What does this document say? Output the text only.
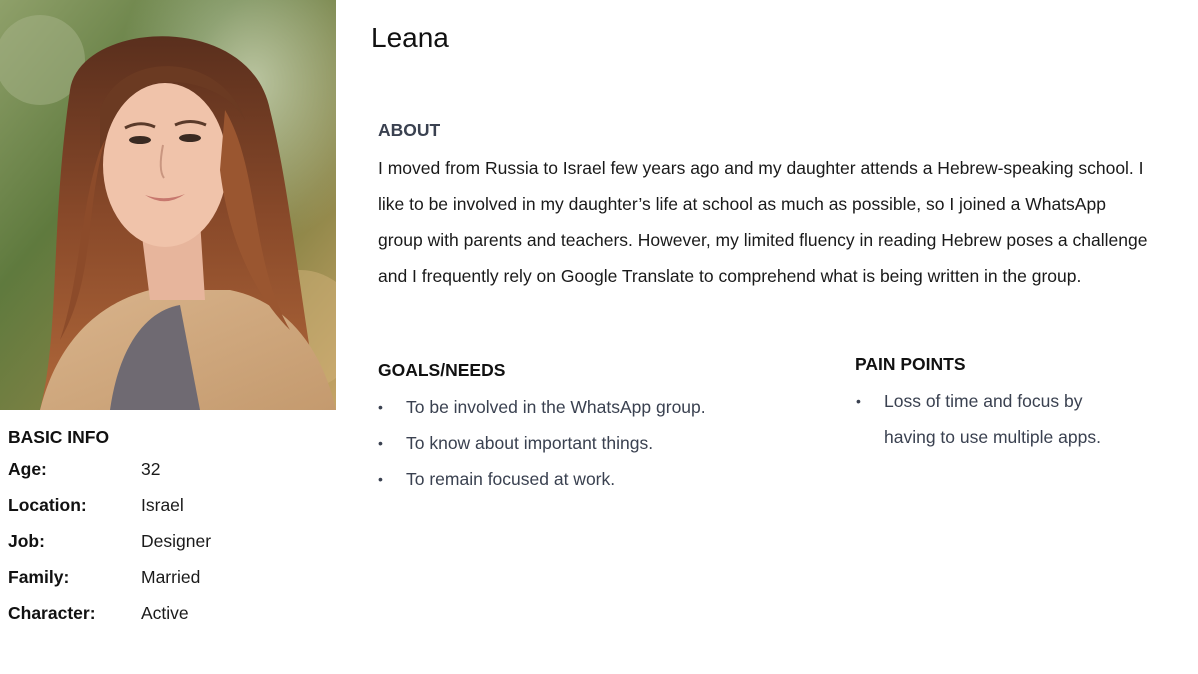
Leana
ABOUT

I moved from Russia to Israel few years ago and my daughter attends a Hebrew-speaking school. I like to be involved in my daughter’s life at school as much as possible, so I joined a WhatsApp group with parents and teachers. However, my limited fluency in reading Hebrew poses a challenge and I frequently rely on Google Translate to comprehend what is being written in the group.

GOALS/NEEDS
• To be involved in the WhatsApp group.
• To know about important things.
• To remain focused at work.
PAIN POINTS
• Loss of time and focus by having to use multiple apps.
BASIC INFO
Age:	32
Location:	Israel
Job:	Designer
Family:	Married
Character:	Active
